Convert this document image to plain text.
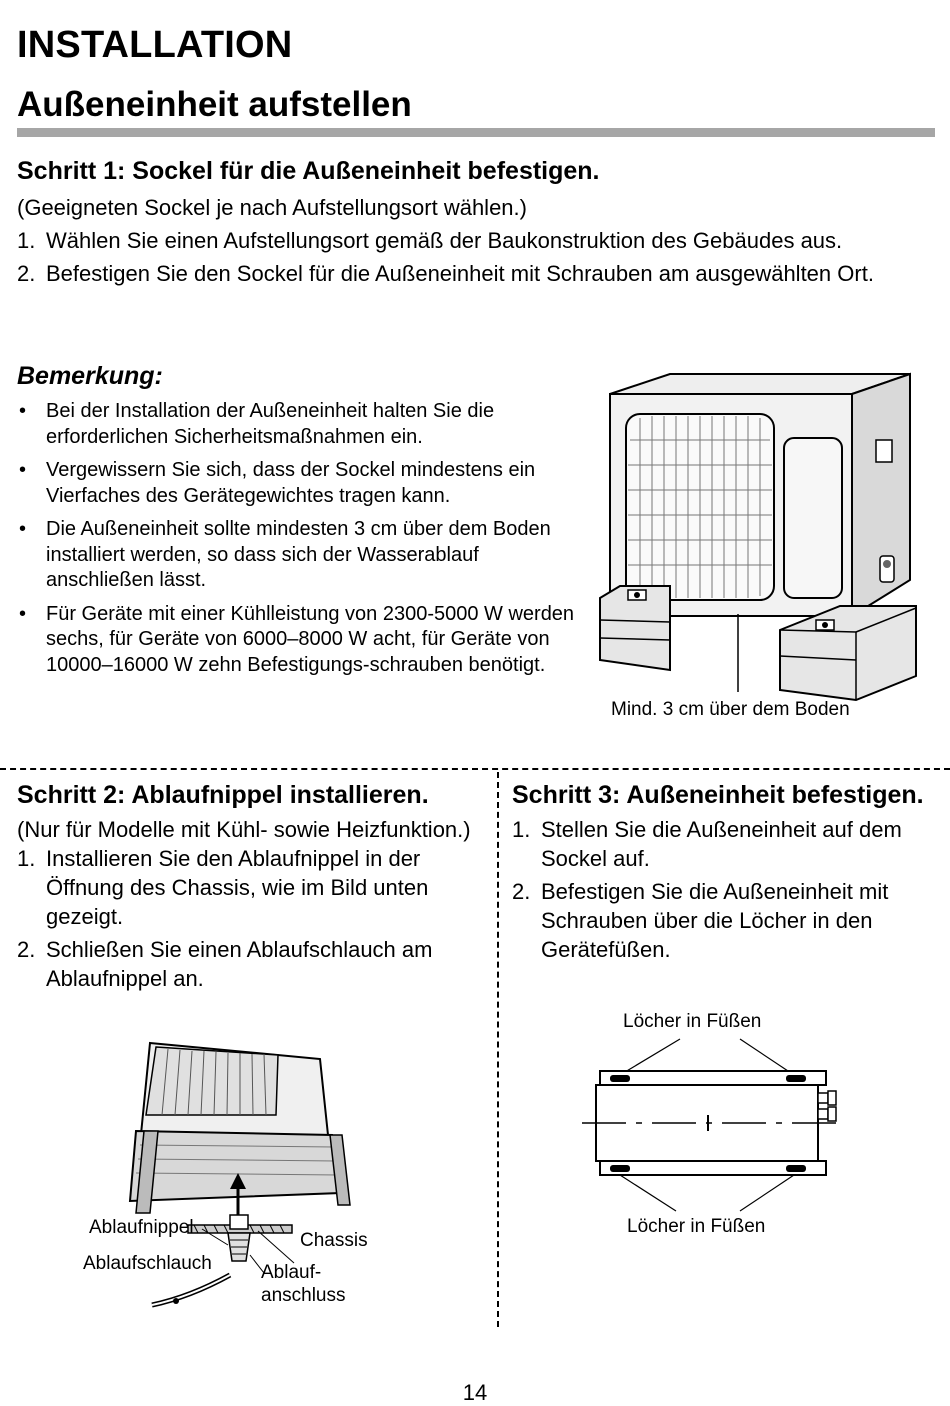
INSTALLATION
Außeneinheit aufstellen

Schritt 1: Sockel für die Außeneinheit befestigen.

(Geeigneten Sockel je nach Aufstellungsort wählen.)

1. Wählen Sie einen Aufstellungsort gemäß der Baukonstruktion des Gebäudes aus.
2. Befestigen Sie den Sockel für die Außeneinheit mit Schrauben am ausgewählten Ort.

Bemerkung:

• Bei der Installation der Außeneinheit halten Sie die erforderlichen Sicherheitsmaßnahmen ein.
• Vergewissern Sie sich, dass der Sockel mindestens ein Vierfaches des Gerätegewichtes tragen kann.
• Die Außeneinheit sollte mindesten 3 cm über dem Boden installiert werden, so dass sich der Wasserablauf anschließen lässt.
• Für Geräte mit einer Kühlleistung von 2300-5000 W werden sechs, für Geräte von 6000–8000 W acht, für Geräte von 10000–16000 W zehn Befestigungs-schrauben benötigt.
Mind. 3 cm über dem Boden

Schritt 2: Ablaufnippel installieren.

(Nur für Modelle mit Kühl- sowie Heizfunktion.)

1. Installieren Sie den Ablaufnippel in der Öffnung des Chassis, wie im Bild unten gezeigt.
2. Schließen Sie einen Ablaufschlauch am Ablaufnippel an.
Ablaufnippel
Chassis
Ablaufschlauch	Ablauf-
anschluss

Schritt 3: Außeneinheit befestigen.

1. Stellen Sie die Außeneinheit auf dem Sockel auf.
2. Befestigen Sie die Außeneinheit mit Schrauben über die Löcher in den Gerätefüßen.
Löcher in Füßen
Löcher in Füßen
14
